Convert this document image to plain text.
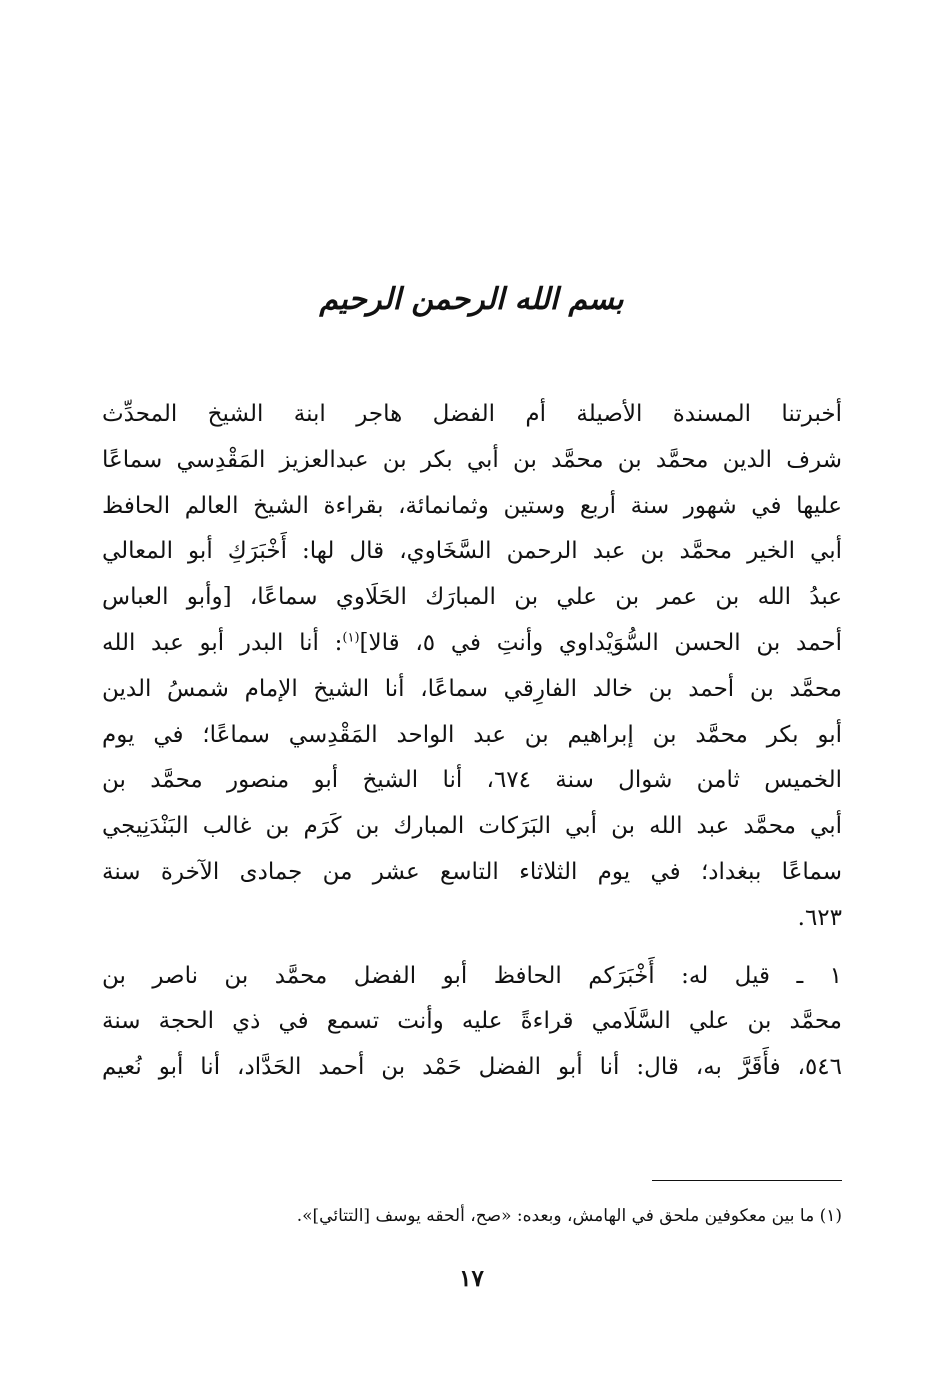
بسم الله الرحمن الرحيم
أخبرتنا المسندة الأصيلة أم الفضل هاجر ابنة الشيخ المحدِّث
شرف الدين محمَّد بن محمَّد بن أبي بكر بن عبدالعزيز المَقْدِسي سماعًا
عليها في شهور سنة أربع وستين وثمانمائة، بقراءة الشيخ العالم الحافظ
أبي الخير محمَّد بن عبد الرحمن السَّخَاوي، قال لها: أَخْبَرَكِ أبو المعالي
عبدُ الله بن عمر بن علي بن المبارَك الحَلَاوي سماعًا، [وأبو العباس
أحمد بن الحسن السُّوَيْداوي وأنتِ في ٥، قالا]$^{(١)}$: أنا البدر أبو عبد الله
محمَّد بن أحمد بن خالد الفارِقي سماعًا، أنا الشيخ الإمام شمسُ الدين
أبو بكر محمَّد بن إبراهيم بن عبد الواحد المَقْدِسي سماعًا؛ في يوم
الخميس ثامن شوال سنة ٦٧٤، أنا الشيخ أبو منصور محمَّد بن
أبي محمَّد عبد الله بن أبي البَرَكات المبارك بن كَرَم بن غالب البَنْدَنِيجي
سماعًا ببغداد؛ في يوم الثلاثاء التاسع عشر من جمادى الآخرة سنة
٦٢٣.
١ ـ قيل له: أَخْبَرَكم الحافظ أبو الفضل محمَّد بن ناصر بن
محمَّد بن علي السَّلَامي قراءةً عليه وأنت تسمع في ذي الحجة سنة
٥٤٦، فأَقَرَّ به، قال: أنا أبو الفضل حَمْد بن أحمد الحَدَّاد، أنا أبو نُعيم
(١) ما بين معكوفين ملحق في الهامش، وبعده: «صح، ألحقه يوسف [التتائي]».
١٧
